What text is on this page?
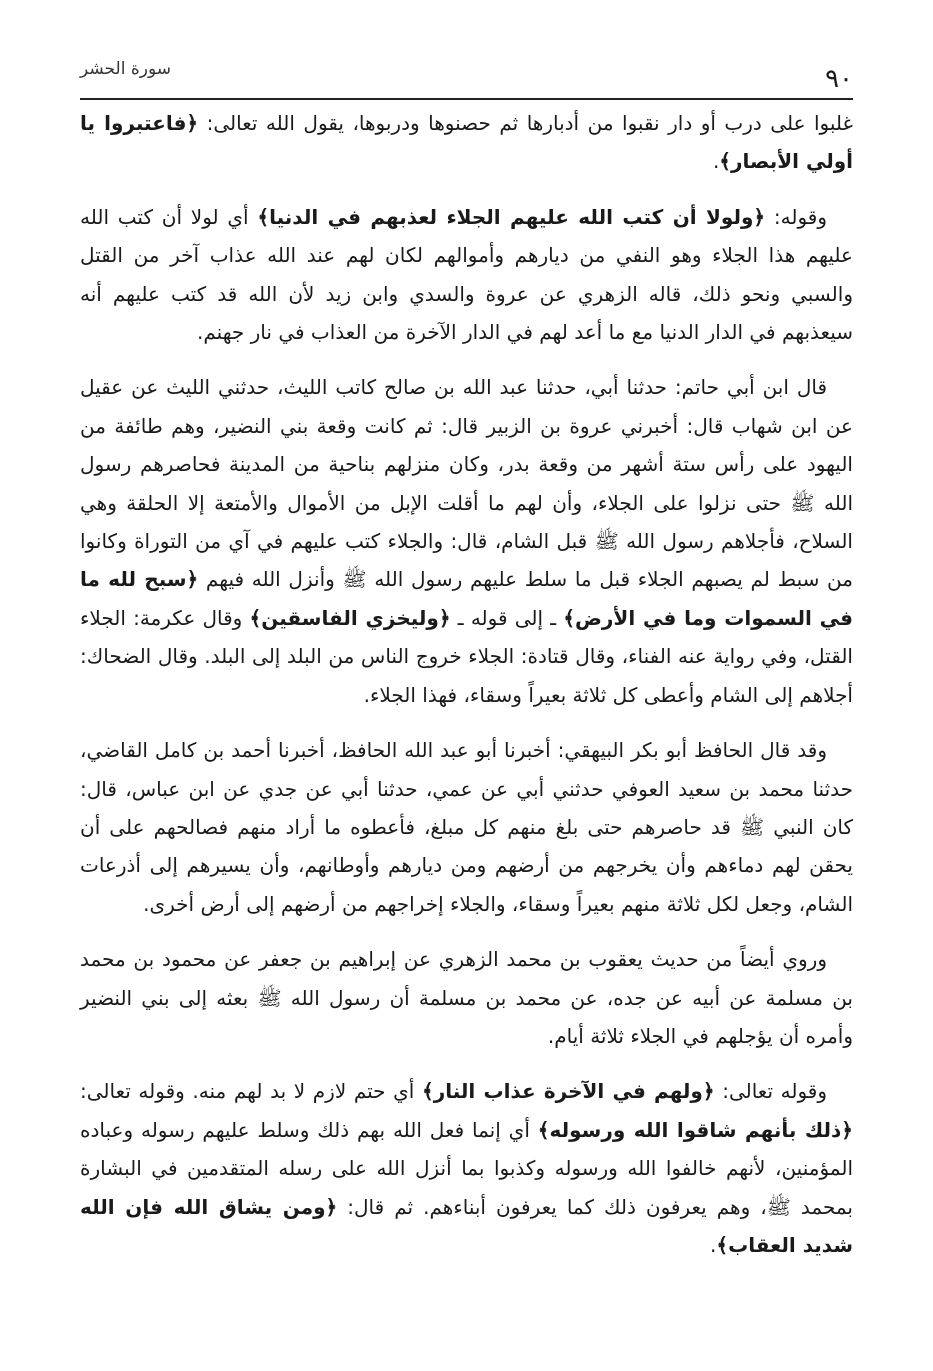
٩٠
سورة الحشر

غلبوا على درب أو دار نقبوا من أدبارها ثم حصنوها ودربوها، يقول الله تعالى: ﴿فاعتبروا يا أولي الأبصار﴾.

وقوله: ﴿ولولا أن كتب الله عليهم الجلاء لعذبهم في الدنيا﴾ أي لولا أن كتب الله عليهم هذا الجلاء وهو النفي من ديارهم وأموالهم لكان لهم عند الله عذاب آخر من القتل والسبي ونحو ذلك، قاله الزهري عن عروة والسدي وابن زيد لأن الله قد كتب عليهم أنه سيعذبهم في الدار الدنيا مع ما أعد لهم في الدار الآخرة من العذاب في نار جهنم.

قال ابن أبي حاتم: حدثنا أبي، حدثنا عبد الله بن صالح كاتب الليث، حدثني الليث عن عقيل عن ابن شهاب قال: أخبرني عروة بن الزبير قال: ثم كانت وقعة بني النضير، وهم طائفة من اليهود على رأس ستة أشهر من وقعة بدر، وكان منزلهم بناحية من المدينة فحاصرهم رسول الله ﷺ حتى نزلوا على الجلاء، وأن لهم ما أقلت الإبل من الأموال والأمتعة إلا الحلقة وهي السلاح، فأجلاهم رسول الله ﷺ قبل الشام، قال: والجلاء كتب عليهم في آي من التوراة وكانوا من سبط لم يصبهم الجلاء قبل ما سلط عليهم رسول الله ﷺ وأنزل الله فيهم ﴿سبح لله ما في السموات وما في الأرض﴾ ـ إلى قوله ـ ﴿وليخزي الفاسقين﴾ وقال عكرمة: الجلاء القتل، وفي رواية عنه الفناء، وقال قتادة: الجلاء خروج الناس من البلد إلى البلد. وقال الضحاك: أجلاهم إلى الشام وأعطى كل ثلاثة بعيراً وسقاء، فهذا الجلاء.

وقد قال الحافظ أبو بكر البيهقي: أخبرنا أبو عبد الله الحافظ، أخبرنا أحمد بن كامل القاضي، حدثنا محمد بن سعيد العوفي حدثني أبي عن عمي، حدثنا أبي عن جدي عن ابن عباس، قال: كان النبي ﷺ قد حاصرهم حتى بلغ منهم كل مبلغ، فأعطوه ما أراد منهم فصالحهم على أن يحقن لهم دماءهم وأن يخرجهم من أرضهم ومن ديارهم وأوطانهم، وأن يسيرهم إلى أذرعات الشام، وجعل لكل ثلاثة منهم بعيراً وسقاء، والجلاء إخراجهم من أرضهم إلى أرض أخرى.

وروي أيضاً من حديث يعقوب بن محمد الزهري عن إبراهيم بن جعفر عن محمود بن محمد بن مسلمة عن أبيه عن جده، عن محمد بن مسلمة أن رسول الله ﷺ بعثه إلى بني النضير وأمره أن يؤجلهم في الجلاء ثلاثة أيام.

وقوله تعالى: ﴿ولهم في الآخرة عذاب النار﴾ أي حتم لازم لا بد لهم منه. وقوله تعالى: ﴿ذلك بأنهم شاقوا الله ورسوله﴾ أي إنما فعل الله بهم ذلك وسلط عليهم رسوله وعباده المؤمنين، لأنهم خالفوا الله ورسوله وكذبوا بما أنزل الله على رسله المتقدمين في البشارة بمحمد ﷺ، وهم يعرفون ذلك كما يعرفون أبناءهم. ثم قال: ﴿ومن يشاق الله فإن الله شديد العقاب﴾.
